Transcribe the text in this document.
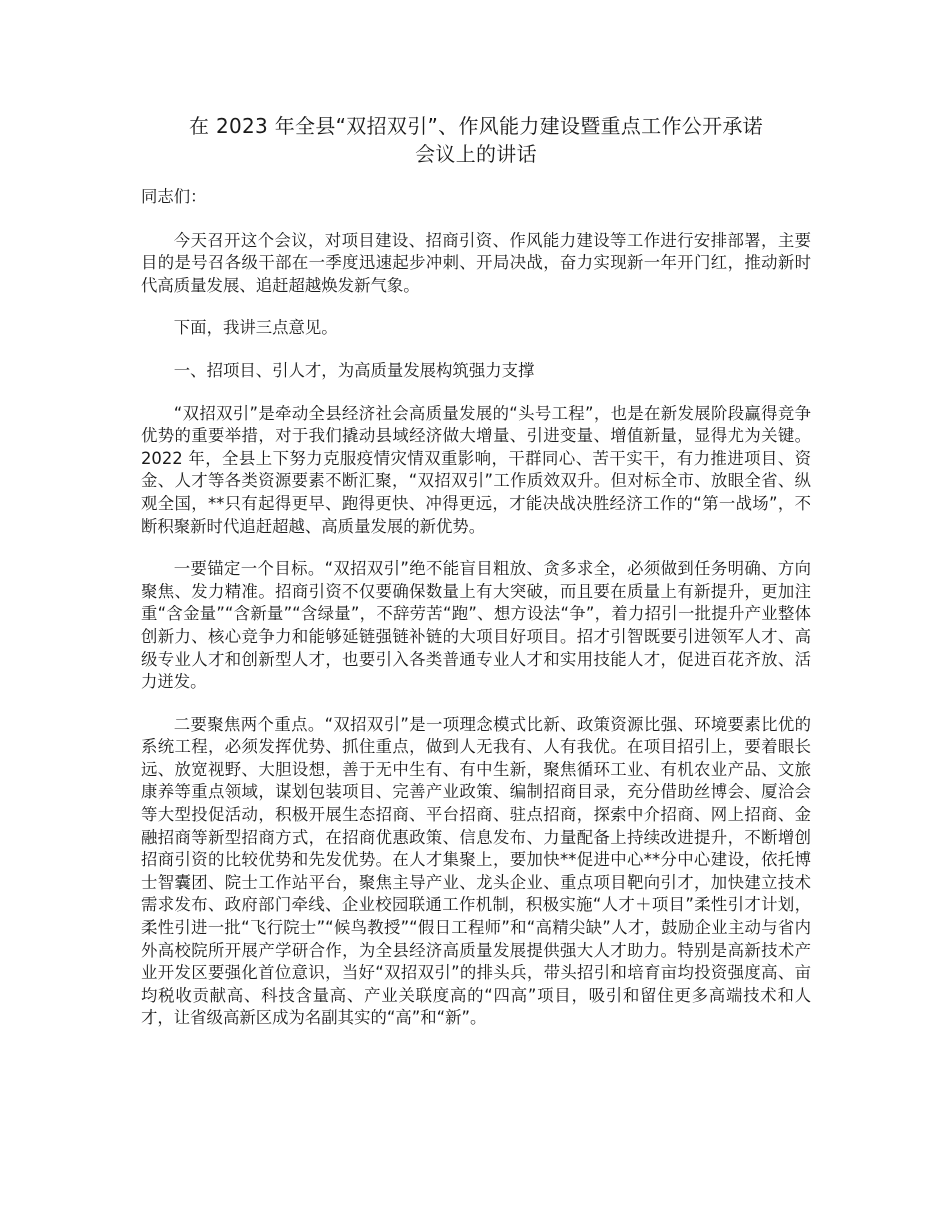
在 2023 年全县“双招双引”、作风能力建设暨重点工作公开承诺
会议上的讲话

同志们：

今天召开这个会议，对项目建设、招商引资、作风能力建设等工作进行安排部署，主要目的是号召各级干部在一季度迅速起步冲刺、开局决战，奋力实现新一年开门红，推动新时代高质量发展、追赶超越焕发新气象。

下面，我讲三点意见。

一、招项目、引人才，为高质量发展构筑强力支撑

“双招双引”是牵动全县经济社会高质量发展的“头号工程”，也是在新发展阶段赢得竞争优势的重要举措，对于我们撬动县域经济做大增量、引进变量、增值新量，显得尤为关键。2022 年，全县上下努力克服疫情灾情双重影响，干群同心、苦干实干，有力推进项目、资金、人才等各类资源要素不断汇聚，“双招双引”工作质效双升。但对标全市、放眼全省、纵观全国，**只有起得更早、跑得更快、冲得更远，才能决战决胜经济工作的“第一战场”，不断积聚新时代追赶超越、高质量发展的新优势。

一要锚定一个目标。“双招双引”绝不能盲目粗放、贪多求全，必须做到任务明确、方向聚焦、发力精准。招商引资不仅要确保数量上有大突破，而且要在质量上有新提升，更加注重“含金量”“含新量”“含绿量”，不辞劳苦“跑”、想方设法“争”，着力招引一批提升产业整体创新力、核心竞争力和能够延链强链补链的大项目好项目。招才引智既要引进领军人才、高级专业人才和创新型人才，也要引入各类普通专业人才和实用技能人才，促进百花齐放、活力迸发。

二要聚焦两个重点。“双招双引”是一项理念模式比新、政策资源比强、环境要素比优的系统工程，必须发挥优势、抓住重点，做到人无我有、人有我优。在项目招引上，要着眼长远、放宽视野、大胆设想，善于无中生有、有中生新，聚焦循环工业、有机农业产品、文旅康养等重点领域，谋划包装项目、完善产业政策、编制招商目录，充分借助丝博会、厦洽会等大型投促活动，积极开展生态招商、平台招商、驻点招商，探索中介招商、网上招商、金融招商等新型招商方式，在招商优惠政策、信息发布、力量配备上持续改进提升，不断增创招商引资的比较优势和先发优势。在人才集聚上，要加快**促进中心**分中心建设，依托博士智囊团、院士工作站平台，聚焦主导产业、龙头企业、重点项目靶向引才，加快建立技术需求发布、政府部门牵线、企业校园联通工作机制，积极实施“人才＋项目”柔性引才计划，柔性引进一批“飞行院士”“候鸟教授”“假日工程师”和“高精尖缺”人才，鼓励企业主动与省内外高校院所开展产学研合作，为全县经济高质量发展提供强大人才助力。特别是高新技术产业开发区要强化首位意识，当好“双招双引”的排头兵，带头招引和培育亩均投资强度高、亩均税收贡献高、科技含量高、产业关联度高的“四高”项目，吸引和留住更多高端技术和人才，让省级高新区成为名副其实的“高”和“新”。
